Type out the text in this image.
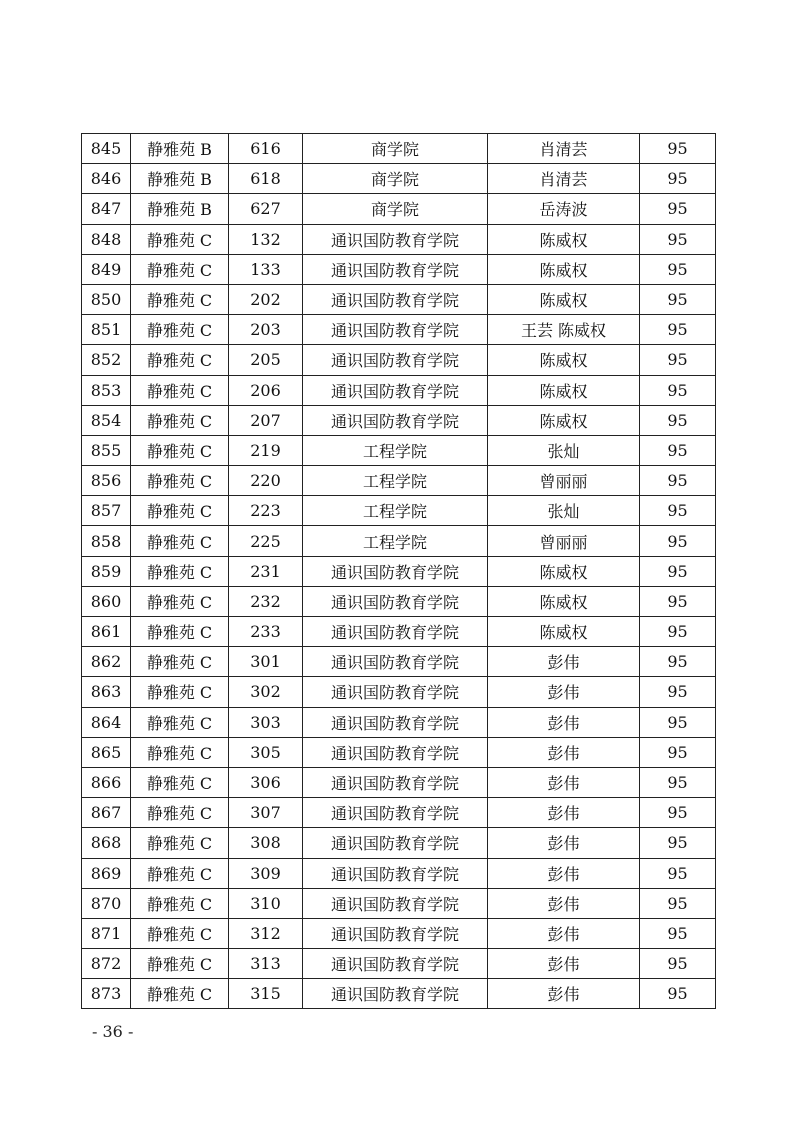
845	静雅苑 B	616	商学院	肖清芸	95
846	静雅苑 B	618	商学院	肖清芸	95
847	静雅苑 B	627	商学院	岳涛波	95
848	静雅苑 C	132	通识国防教育学院	陈威权	95
849	静雅苑 C	133	通识国防教育学院	陈威权	95
850	静雅苑 C	202	通识国防教育学院	陈威权	95
851	静雅苑 C	203	通识国防教育学院	王芸 陈威权	95
852	静雅苑 C	205	通识国防教育学院	陈威权	95
853	静雅苑 C	206	通识国防教育学院	陈威权	95
854	静雅苑 C	207	通识国防教育学院	陈威权	95
855	静雅苑 C	219	工程学院	张灿	95
856	静雅苑 C	220	工程学院	曾丽丽	95
857	静雅苑 C	223	工程学院	张灿	95
858	静雅苑 C	225	工程学院	曾丽丽	95
859	静雅苑 C	231	通识国防教育学院	陈威权	95
860	静雅苑 C	232	通识国防教育学院	陈威权	95
861	静雅苑 C	233	通识国防教育学院	陈威权	95
862	静雅苑 C	301	通识国防教育学院	彭伟	95
863	静雅苑 C	302	通识国防教育学院	彭伟	95
864	静雅苑 C	303	通识国防教育学院	彭伟	95
865	静雅苑 C	305	通识国防教育学院	彭伟	95
866	静雅苑 C	306	通识国防教育学院	彭伟	95
867	静雅苑 C	307	通识国防教育学院	彭伟	95
868	静雅苑 C	308	通识国防教育学院	彭伟	95
869	静雅苑 C	309	通识国防教育学院	彭伟	95
870	静雅苑 C	310	通识国防教育学院	彭伟	95
871	静雅苑 C	312	通识国防教育学院	彭伟	95
872	静雅苑 C	313	通识国防教育学院	彭伟	95
873	静雅苑 C	315	通识国防教育学院	彭伟	95
- 36 -
